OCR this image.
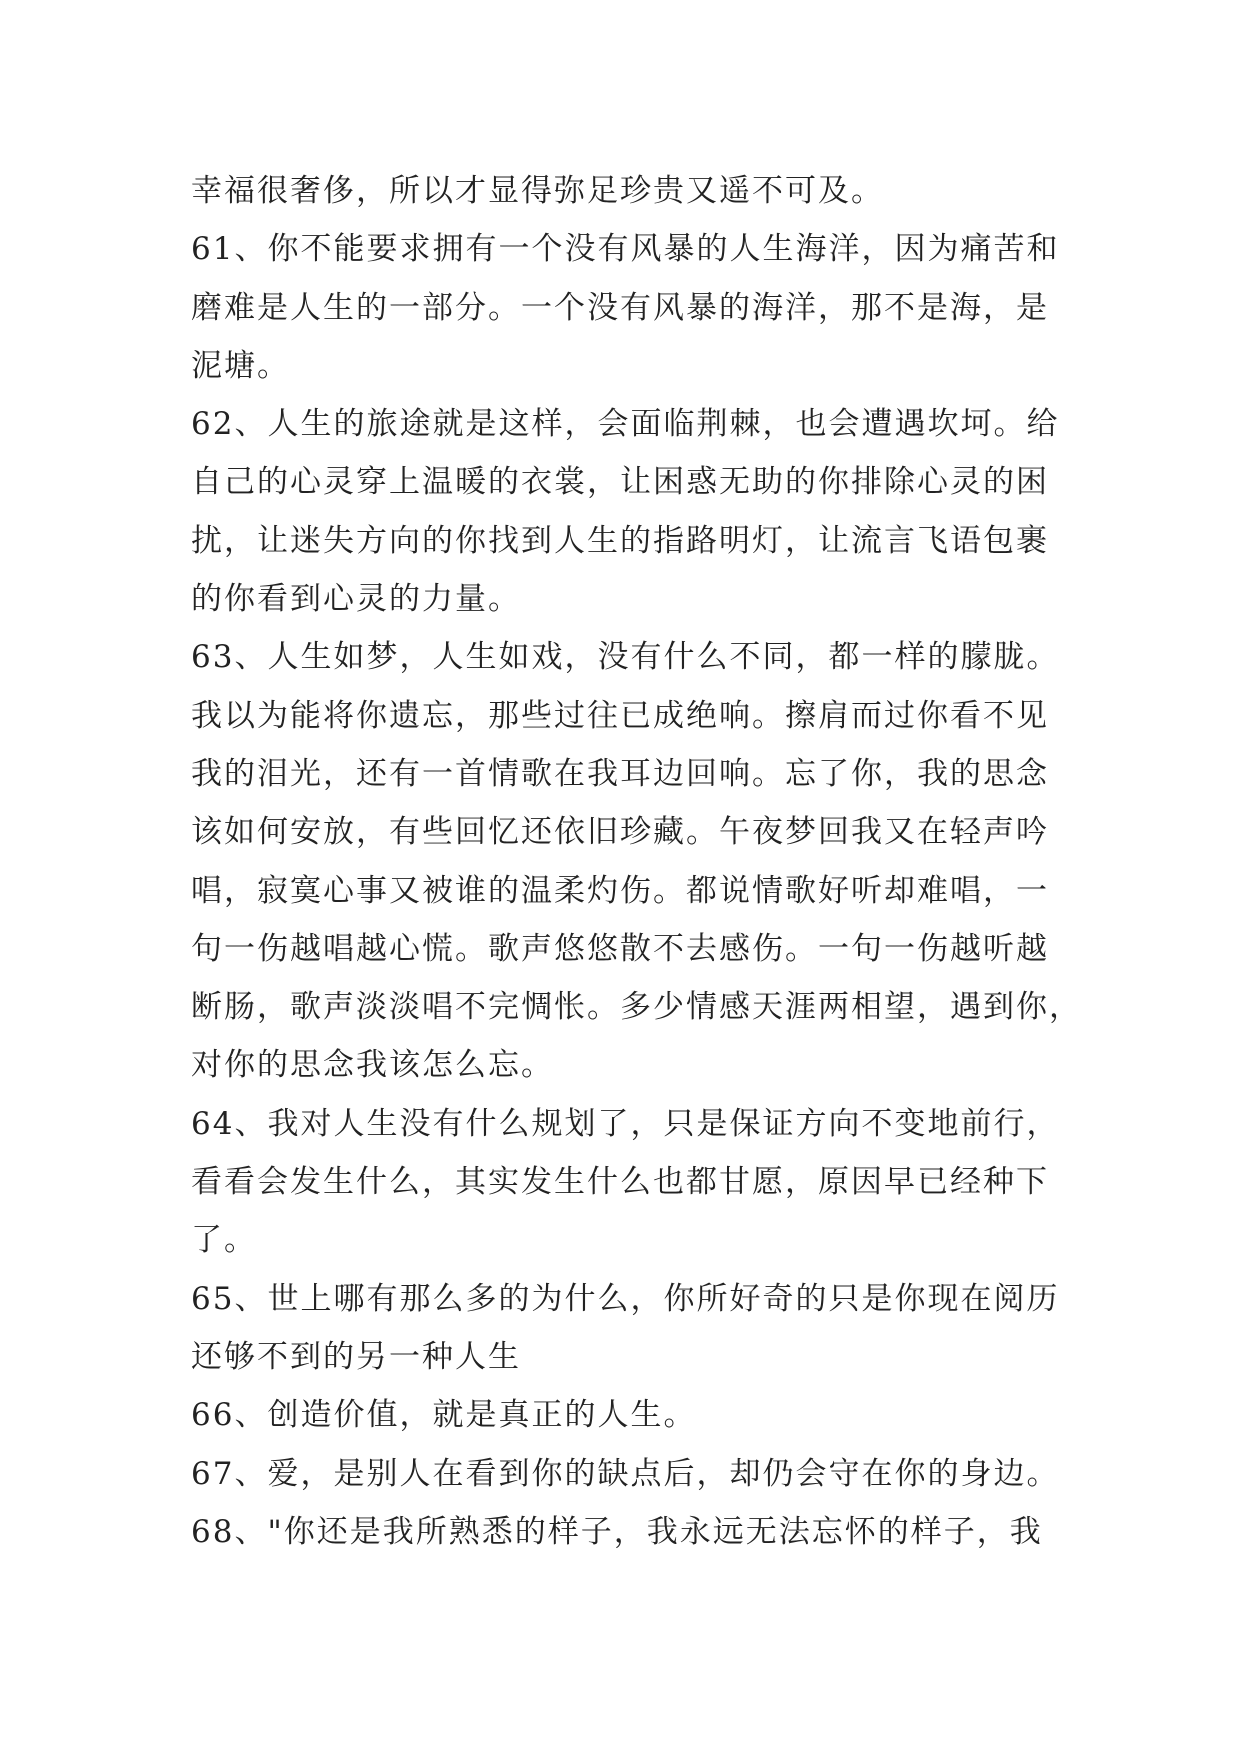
幸福很奢侈，所以才显得弥足珍贵又遥不可及。
61、你不能要求拥有一个没有风暴的人生海洋，因为痛苦和
磨难是人生的一部分。一个没有风暴的海洋，那不是海，是
泥塘。
62、人生的旅途就是这样，会面临荆棘，也会遭遇坎坷。给
自己的心灵穿上温暖的衣裳，让困惑无助的你排除心灵的困
扰，让迷失方向的你找到人生的指路明灯，让流言飞语包裹
的你看到心灵的力量。
63、人生如梦，人生如戏，没有什么不同，都一样的朦胧。
我以为能将你遗忘，那些过往已成绝响。擦肩而过你看不见
我的泪光，还有一首情歌在我耳边回响。忘了你，我的思念
该如何安放，有些回忆还依旧珍藏。午夜梦回我又在轻声吟
唱，寂寞心事又被谁的温柔灼伤。都说情歌好听却难唱，一
句一伤越唱越心慌。歌声悠悠散不去感伤。一句一伤越听越
断肠，歌声淡淡唱不完惆怅。多少情感天涯两相望，遇到你，
对你的思念我该怎么忘。
64、我对人生没有什么规划了，只是保证方向不变地前行，
看看会发生什么，其实发生什么也都甘愿，原因早已经种下
了。
65、世上哪有那么多的为什么，你所好奇的只是你现在阅历
还够不到的另一种人生
66、创造价值，就是真正的人生。
67、爱，是别人在看到你的缺点后，却仍会守在你的身边。
68、"你还是我所熟悉的样子，我永远无法忘怀的样子，我
